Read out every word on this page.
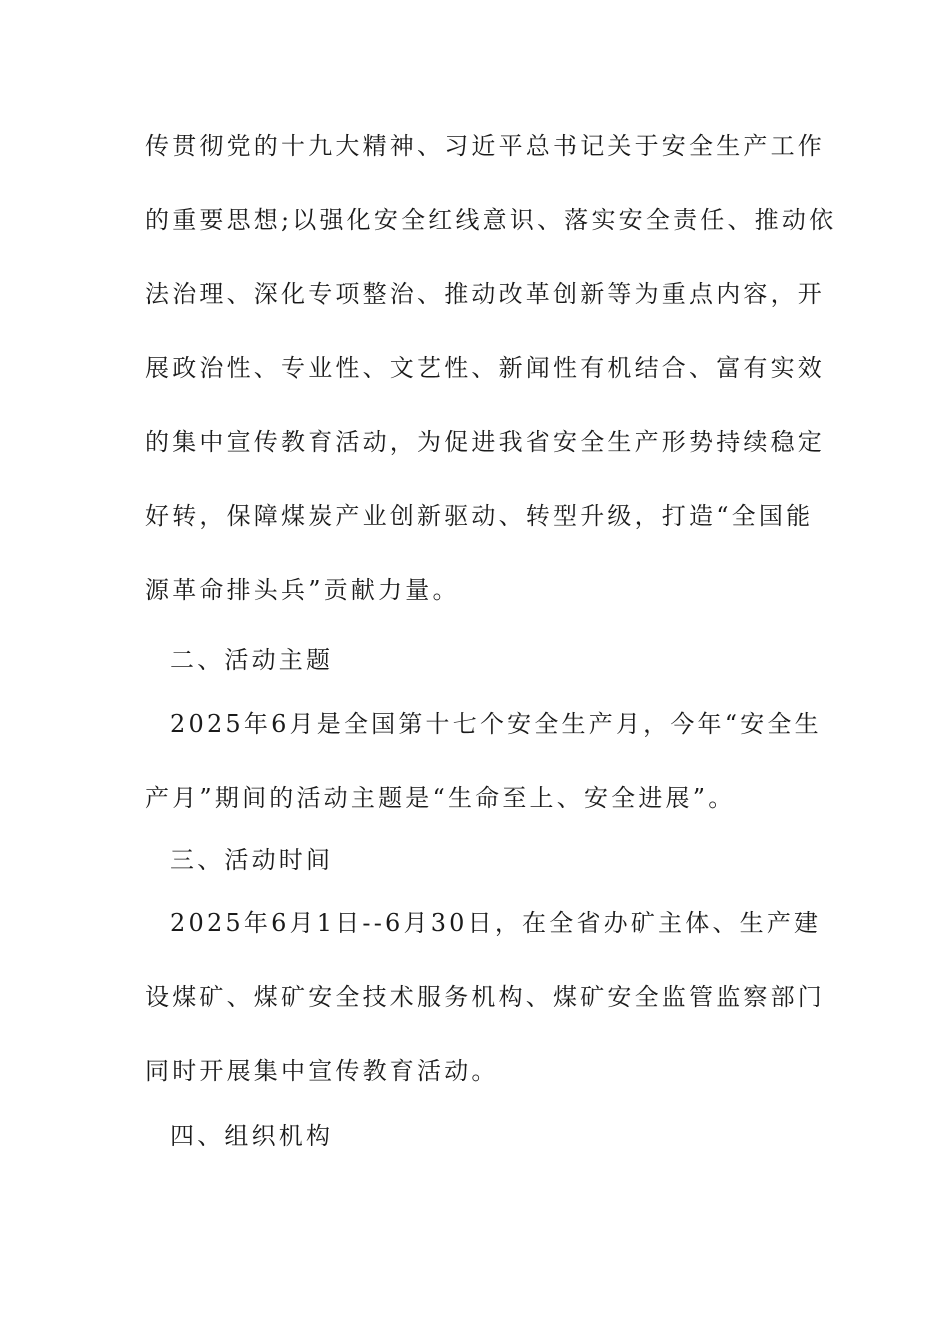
传贯彻党的十九大精神、习近平总书记关于安全生产工作
的重要思想;以强化安全红线意识、落实安全责任、推动依
法治理、深化专项整治、推动改革创新等为重点内容，开
展政治性、专业性、文艺性、新闻性有机结合、富有实效
的集中宣传教育活动，为促进我省安全生产形势持续稳定
好转，保障煤炭产业创新驱动、转型升级，打造“全国能
源革命排头兵”贡献力量。
二、活动主题
2025年6月是全国第十七个安全生产月，今年“安全生
产月”期间的活动主题是“生命至上、安全进展”。
三、活动时间
2025年6月1日--6月30日，在全省办矿主体、生产建
设煤矿、煤矿安全技术服务机构、煤矿安全监管监察部门
同时开展集中宣传教育活动。
四、组织机构
